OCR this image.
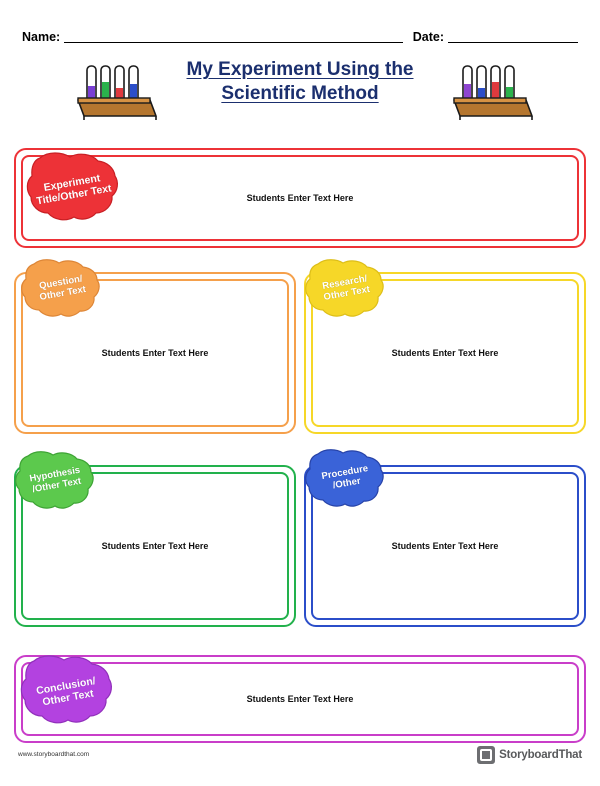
Name:	Date:
My Experiment Using the Scientific Method
Students Enter Text Here
Experiment Title/Other Text
Students Enter Text Here
Question/
Other Text
Students Enter Text Here
Research/
Other Text
Students Enter Text Here
Hypothesis
/Other Text
Students Enter Text Here
Procedure
/Other
Students Enter Text Here
Conclusion/
Other Text
www.storyboardthat.com	StoryboardThat
